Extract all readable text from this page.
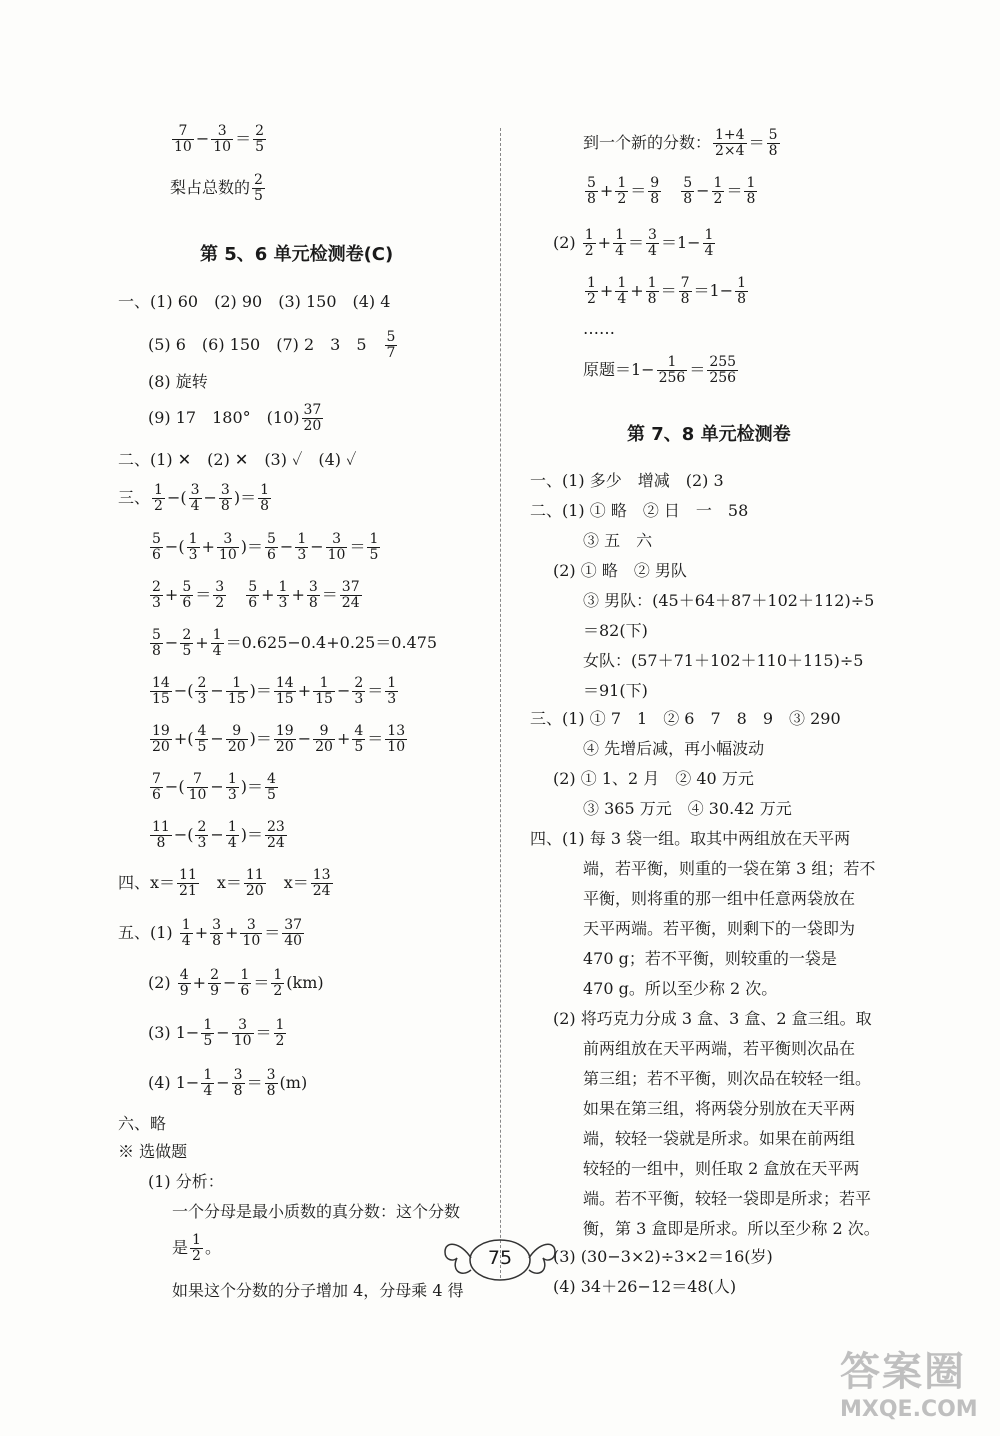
$\frac{7}{10} - \frac{3}{10} = \frac{2}{5}$
梨占总数的 $\frac{2}{5}$
第 5、6 单元检测卷(C)
一、(1) 60　(2) 90　(3) 150　(4) 4
(5) 6　(6) 150　(7) 2　3　5　 $\frac{5}{7}$
(8) 旋转
(9) 17　180°　$(10) \frac{37}{20}$
二、(1) ✕　(2) ✕　(3) ✓　(4) ✓
三、 $\frac{1}{2}$ −( $\frac{3}{4} - \frac{3}{8}$ )＝ $\frac{1}{8}$
$\frac{5}{6}$ −( $\frac{1}{3} + \frac{3}{10}$ )＝ $\frac{5}{6} - \frac{1}{3} - \frac{3}{10} = \frac{1}{5}$
$\frac{2}{3} + \frac{5}{6} = \frac{3}{2}$
　 $\frac{5}{6} + \frac{1}{3} + \frac{3}{8} = \frac{37}{24}$
$\frac{5}{8} - \frac{2}{5} + \frac{1}{4} =0.625-0.4+0.25=0.475$
$\frac{14}{15}$ −( $\frac{2}{3} - \frac{1}{15}$ )＝ $\frac{14}{15} + \frac{1}{15} - \frac{2}{3} = \frac{1}{3}$
$\frac{19}{20}$ +( $\frac{4}{5} - \frac{9}{20}$ )＝ $\frac{19}{20} - \frac{9}{20} + \frac{4}{5} = \frac{13}{10}$
$\frac{7}{6}$ −( $\frac{7}{10} - \frac{1}{3}$ )＝ $\frac{4}{5}$
$\frac{11}{8}$ −( $\frac{2}{3} - \frac{1}{4}$ )＝ $\frac{23}{24}$
四、$x= \frac{11}{21}$ 　$x= \frac{11}{20}$ 　$x= \frac{13}{24}$
五、$(1) \frac{1}{4} + \frac{3}{8} + \frac{3}{10} = \frac{37}{40}$
$(2) \frac{4}{9} + \frac{2}{9} - \frac{1}{6} = \frac{1}{2} (km)$
(3) $1- \frac{1}{5} - \frac{3}{10} = \frac{1}{2}$
(4) $1- \frac{1}{4} - \frac{3}{8} = \frac{3}{8} (m)$
六、略
※ 选做题
(1) 分析：
一个分母是最小质数的真分数：这个分数
是 $\frac{1}{2}$ 。
如果这个分数的分子增加 4，分母乘 4 得
到一个新的分数： $\frac{1+4}{2\times 4} = \frac{5}{8}$
$\frac{5}{8} + \frac{1}{2} = \frac{9}{8}$
　 $\frac{5}{8} - \frac{1}{2} = \frac{1}{8}$
$(2) \frac{1}{2} + \frac{1}{4} = \frac{3}{4} =1- \frac{1}{4}$
$\frac{1}{2} + \frac{1}{4} + \frac{1}{8} = \frac{7}{8} =1- \frac{1}{8}$
……
原题$=1- \frac{1}{256} = \frac{255}{256}$
第 7、8 单元检测卷
一、(1) 多少　增减　(2) 3
二、(1) ① 略　② 日　一　58
③ 五　六
(2) ① 略　② 男队
③ 男队：(45＋64＋87＋102＋112)÷5
＝82(下)
女队：(57＋71＋102＋110＋115)÷5
＝91(下)
三、(1) ① 7　1　② 6　7　8　9　③ 290
④ 先增后减，再小幅波动
(2) ① 1、2 月　② 40 万元
③ 365 万元　④ 30.42 万元
四、(1) 每 3 袋一组。取其中两组放在天平两
端，若平衡，则重的一袋在第 3 组；若不
平衡，则将重的那一组中任意两袋放在
天平两端。若平衡，则剩下的一袋即为
470 g；若不平衡，则较重的一袋是
470 g。所以至少称 2 次。
(2) 将巧克力分成 3 盒、3 盒、2 盒三组。取
前两组放在天平两端，若平衡则次品在
第三组；若不平衡，则次品在较轻一组。
如果在第三组，将两袋分别放在天平两
端，较轻一袋就是所求。如果在前两组
较轻的一组中，则任取 2 盒放在天平两
端。若不平衡，较轻一袋即是所求；若平
衡，第 3 盒即是所求。所以至少称 2 次。
(3) (30−3×2)÷3×2＝16(岁)
(4) 34＋26−12＝48(人)
75
答案圈
MXQE.COM
